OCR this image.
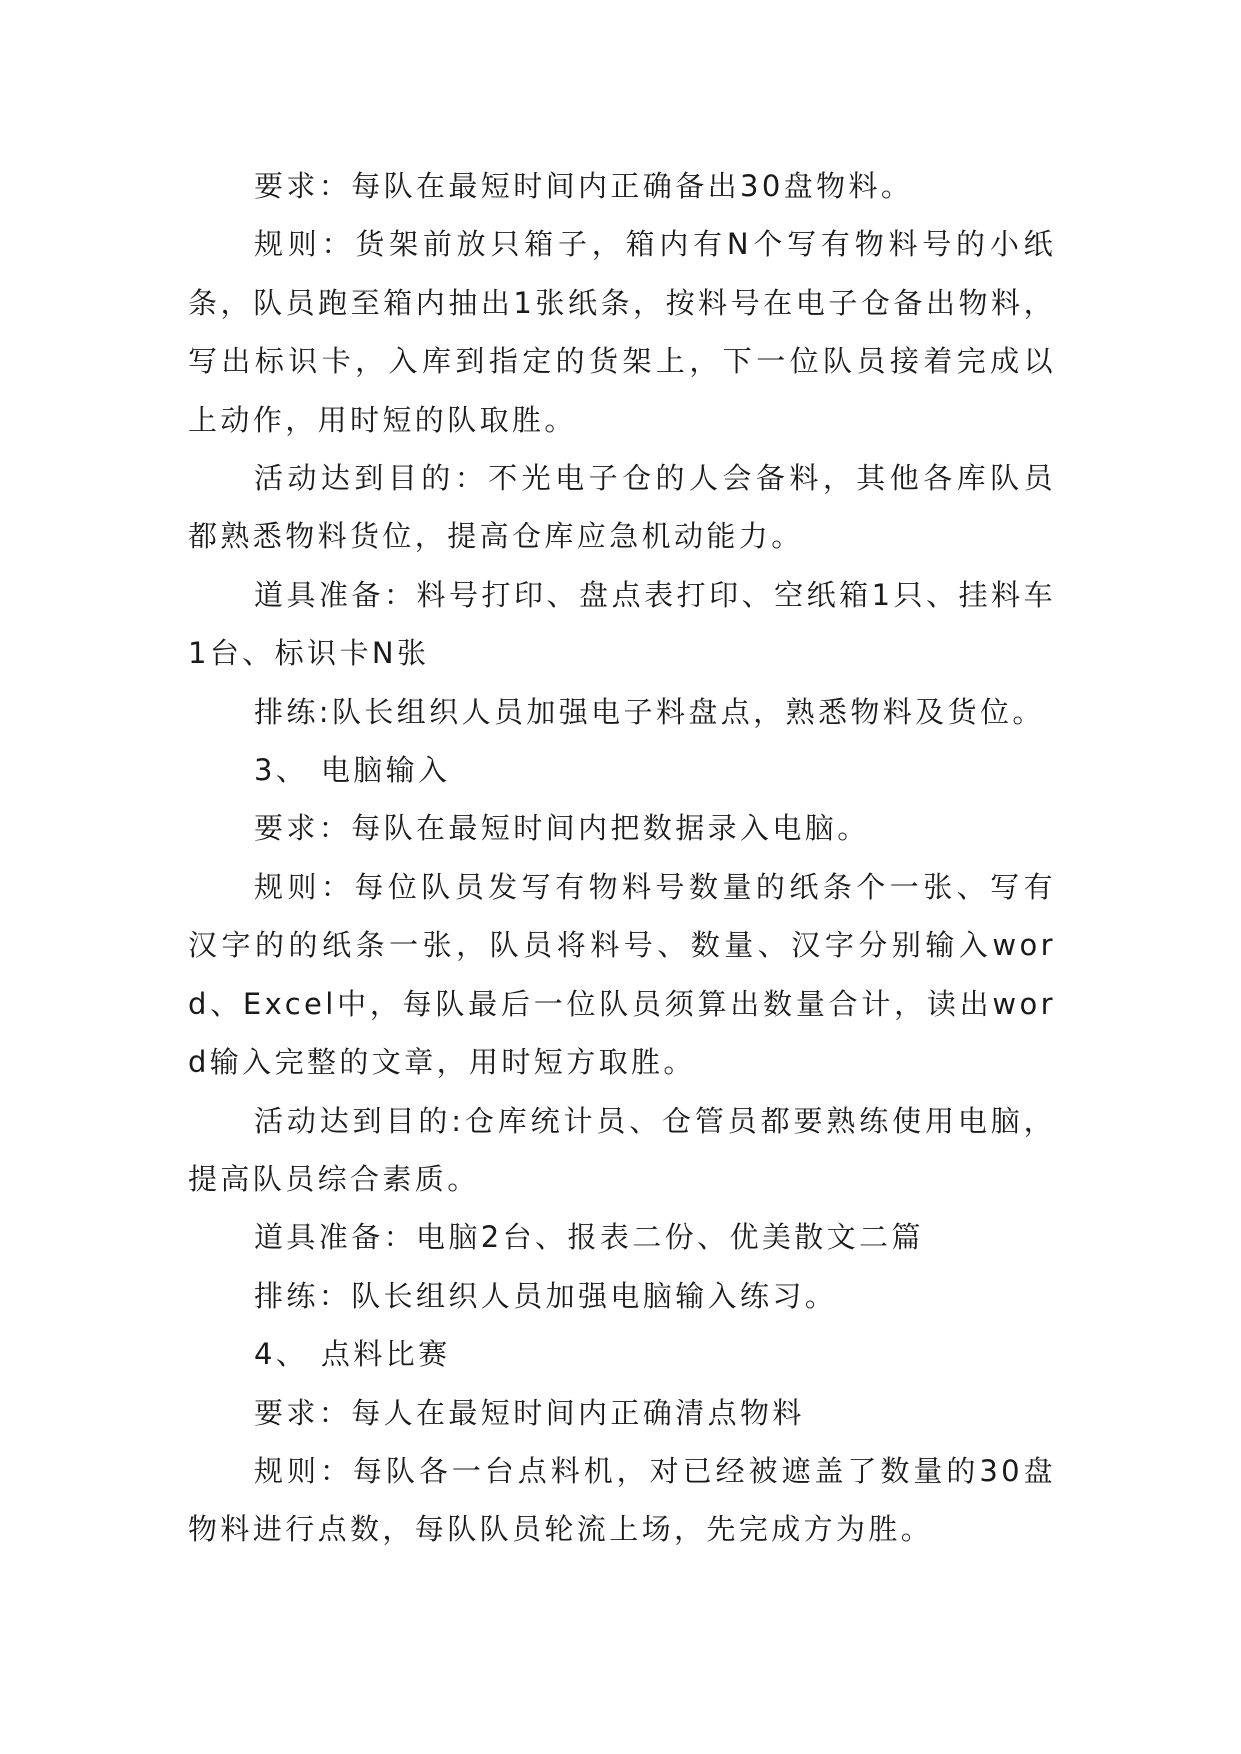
要求：每队在最短时间内正确备出30盘物料。

规则：货架前放只箱子，箱内有N个写有物料号的小纸条，队员跑至箱内抽出1张纸条，按料号在电子仓备出物料，写出标识卡，入库到指定的货架上，下一位队员接着完成以上动作，用时短的队取胜。

活动达到目的：不光电子仓的人会备料，其他各库队员都熟悉物料货位，提高仓库应急机动能力。

道具准备：料号打印、盘点表打印、空纸箱1只、挂料车1台、标识卡N张

排练:队长组织人员加强电子料盘点，熟悉物料及货位。

3、 电脑输入

要求：每队在最短时间内把数据录入电脑。

规则：每位队员发写有物料号数量的纸条个一张、写有汉字的的纸条一张，队员将料号、数量、汉字分别输入word、Excel中，每队最后一位队员须算出数量合计，读出word输入完整的文章，用时短方取胜。

活动达到目的:仓库统计员、仓管员都要熟练使用电脑，提高队员综合素质。

道具准备：电脑2台、报表二份、优美散文二篇

排练：队长组织人员加强电脑输入练习。

4、 点料比赛

要求：每人在最短时间内正确清点物料

规则：每队各一台点料机，对已经被遮盖了数量的30盘物料进行点数，每队队员轮流上场，先完成方为胜。
